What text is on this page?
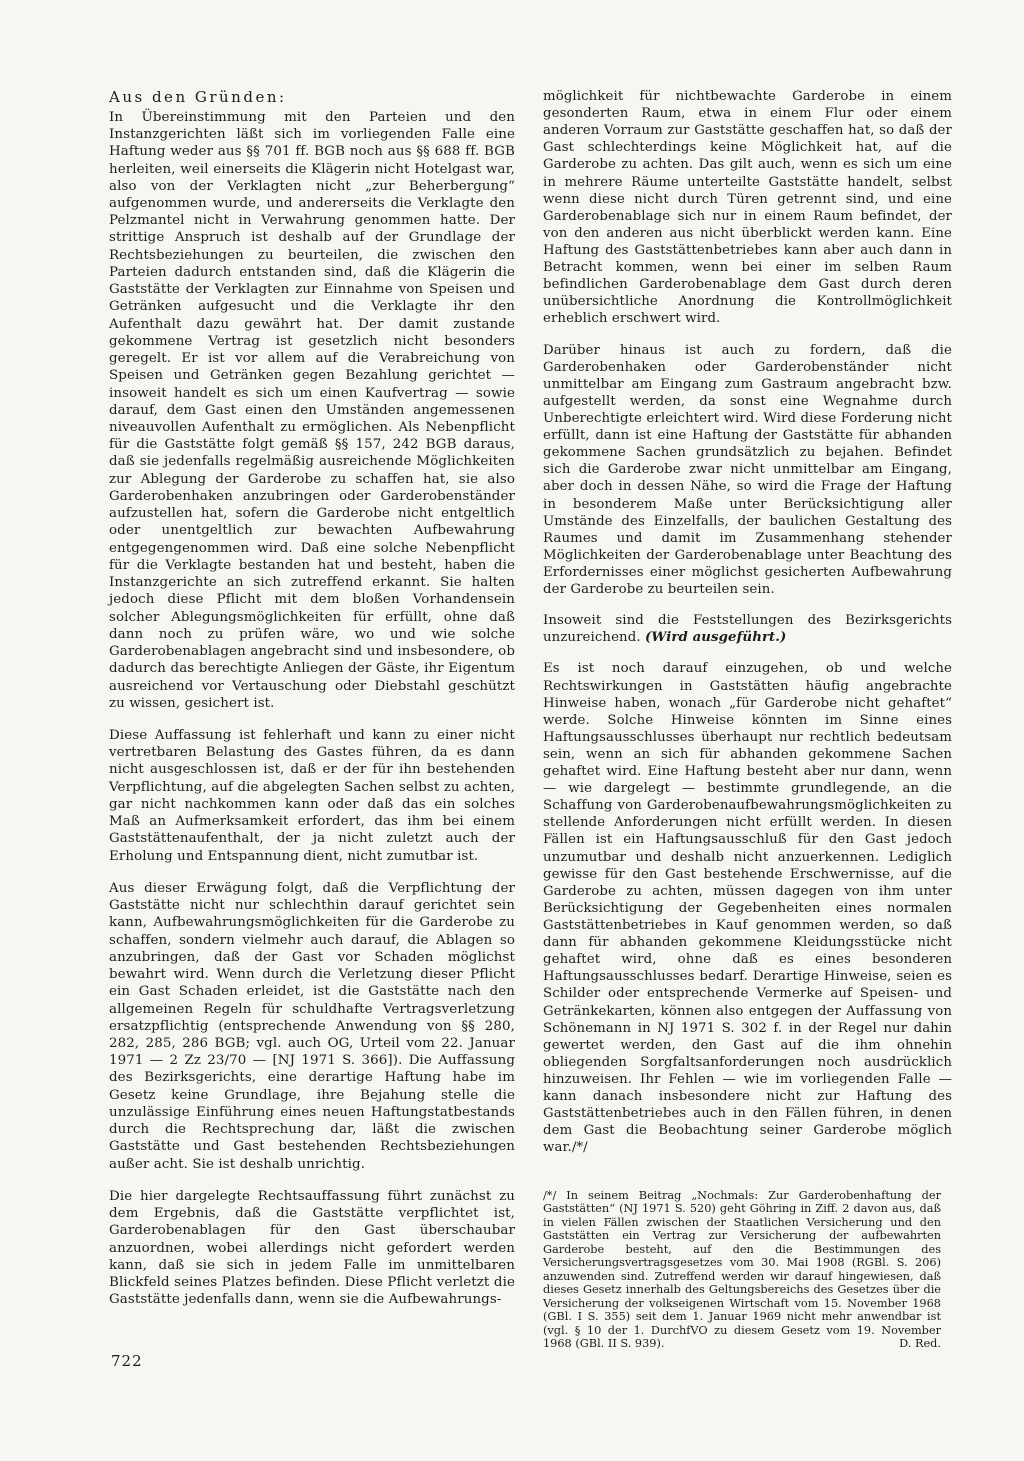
Aus den Gründen:

In Übereinstimmung mit den Parteien und den Instanzgerichten läßt sich im vorliegenden Falle eine Haftung weder aus §§ 701 ff. BGB noch aus §§ 688 ff. BGB herleiten, weil einerseits die Klägerin nicht Hotelgast war, also von der Verklagten nicht „zur Beherbergung“ aufgenommen wurde, und andererseits die Verklagte den Pelzmantel nicht in Verwahrung genommen hatte. Der strittige Anspruch ist deshalb auf der Grundlage der Rechtsbeziehungen zu beurteilen, die zwischen den Parteien dadurch entstanden sind, daß die Klägerin die Gaststätte der Verklagten zur Einnahme von Speisen und Getränken aufgesucht und die Verklagte ihr den Aufenthalt dazu gewährt hat. Der damit zustande gekommene Vertrag ist gesetzlich nicht besonders geregelt. Er ist vor allem auf die Verabreichung von Speisen und Getränken gegen Bezahlung gerichtet — insoweit handelt es sich um einen Kaufvertrag — sowie darauf, dem Gast einen den Umständen angemessenen niveauvollen Aufenthalt zu ermöglichen. Als Nebenpflicht für die Gaststätte folgt gemäß §§ 157, 242 BGB daraus, daß sie jedenfalls regelmäßig ausreichende Möglichkeiten zur Ablegung der Garderobe zu schaffen hat, sie also Garderobenhaken anzubringen oder Garderobenständer aufzustellen hat, sofern die Garderobe nicht entgeltlich oder unentgeltlich zur bewachten Aufbewahrung entgegengenommen wird. Daß eine solche Nebenpflicht für die Verklagte bestanden hat und besteht, haben die Instanzgerichte an sich zutreffend erkannt. Sie halten jedoch diese Pflicht mit dem bloßen Vorhandensein solcher Ablegungsmöglichkeiten für erfüllt, ohne daß dann noch zu prüfen wäre, wo und wie solche Garderobenablagen angebracht sind und insbesondere, ob dadurch das berechtigte Anliegen der Gäste, ihr Eigentum ausreichend vor Vertauschung oder Diebstahl geschützt zu wissen, gesichert ist.

Diese Auffassung ist fehlerhaft und kann zu einer nicht vertretbaren Belastung des Gastes führen, da es dann nicht ausgeschlossen ist, daß er der für ihn bestehenden Verpflichtung, auf die abgelegten Sachen selbst zu achten, gar nicht nachkommen kann oder daß das ein solches Maß an Aufmerksamkeit erfordert, das ihm bei einem Gaststättenaufenthalt, der ja nicht zuletzt auch der Erholung und Entspannung dient, nicht zumutbar ist.

Aus dieser Erwägung folgt, daß die Verpflichtung der Gaststätte nicht nur schlechthin darauf gerichtet sein kann, Aufbewahrungsmöglichkeiten für die Garderobe zu schaffen, sondern vielmehr auch darauf, die Ablagen so anzubringen, daß der Gast vor Schaden möglichst bewahrt wird. Wenn durch die Verletzung dieser Pflicht ein Gast Schaden erleidet, ist die Gaststätte nach den allgemeinen Regeln für schuldhafte Vertragsverletzung ersatzpflichtig (entsprechende Anwendung von §§ 280, 282, 285, 286 BGB; vgl. auch OG, Urteil vom 22. Januar 1971 — 2 Zz 23/70 — [NJ 1971 S. 366]). Die Auffassung des Bezirksgerichts, eine derartige Haftung habe im Gesetz keine Grundlage, ihre Bejahung stelle die unzulässige Einführung eines neuen Haftungstatbestands durch die Rechtsprechung dar, läßt die zwischen Gaststätte und Gast bestehenden Rechtsbeziehungen außer acht. Sie ist deshalb unrichtig.

Die hier dargelegte Rechtsauffassung führt zunächst zu dem Ergebnis, daß die Gaststätte verpflichtet ist, Garderobenablagen für den Gast überschaubar anzuordnen, wobei allerdings nicht gefordert werden kann, daß sie sich in jedem Falle im unmittelbaren Blickfeld seines Platzes befinden. Diese Pflicht verletzt die Gaststätte jedenfalls dann, wenn sie die Aufbewahrungs-

möglichkeit für nichtbewachte Garderobe in einem gesonderten Raum, etwa in einem Flur oder einem anderen Vorraum zur Gaststätte geschaffen hat, so daß der Gast schlechterdings keine Möglichkeit hat, auf die Garderobe zu achten. Das gilt auch, wenn es sich um eine in mehrere Räume unterteilte Gaststätte handelt, selbst wenn diese nicht durch Türen getrennt sind, und eine Garderobenablage sich nur in einem Raum befindet, der von den anderen aus nicht überblickt werden kann. Eine Haftung des Gaststättenbetriebes kann aber auch dann in Betracht kommen, wenn bei einer im selben Raum befindlichen Garderobenablage dem Gast durch deren unübersichtliche Anordnung die Kontrollmöglichkeit erheblich erschwert wird.

Darüber hinaus ist auch zu fordern, daß die Garderobenhaken oder Garderobenständer nicht unmittelbar am Eingang zum Gastraum angebracht bzw. aufgestellt werden, da sonst eine Wegnahme durch Unberechtigte erleichtert wird. Wird diese Forderung nicht erfüllt, dann ist eine Haftung der Gaststätte für abhanden gekommene Sachen grundsätzlich zu bejahen. Befindet sich die Garderobe zwar nicht unmittelbar am Eingang, aber doch in dessen Nähe, so wird die Frage der Haftung in besonderem Maße unter Berücksichtigung aller Umstände des Einzelfalls, der baulichen Gestaltung des Raumes und damit im Zusammenhang stehender Möglichkeiten der Garderobenablage unter Beachtung des Erfordernisses einer möglichst gesicherten Aufbewahrung der Garderobe zu beurteilen sein.

Insoweit sind die Feststellungen des Bezirksgerichts unzureichend. (Wird ausgeführt.)

Es ist noch darauf einzugehen, ob und welche Rechtswirkungen in Gaststätten häufig angebrachte Hinweise haben, wonach „für Garderobe nicht gehaftet“ werde. Solche Hinweise könnten im Sinne eines Haftungsausschlusses überhaupt nur rechtlich bedeutsam sein, wenn an sich für abhanden gekommene Sachen gehaftet wird. Eine Haftung besteht aber nur dann, wenn — wie dargelegt — bestimmte grundlegende, an die Schaffung von Garderobenaufbewahrungsmöglichkeiten zu stellende Anforderungen nicht erfüllt werden. In diesen Fällen ist ein Haftungsausschluß für den Gast jedoch unzumutbar und deshalb nicht anzuerkennen. Lediglich gewisse für den Gast bestehende Erschwernisse, auf die Garderobe zu achten, müssen dagegen von ihm unter Berücksichtigung der Gegebenheiten eines normalen Gaststättenbetriebes in Kauf genommen werden, so daß dann für abhanden gekommene Kleidungsstücke nicht gehaftet wird, ohne daß es eines besonderen Haftungsausschlusses bedarf. Derartige Hinweise, seien es Schilder oder entsprechende Vermerke auf Speisen- und Getränkekarten, können also entgegen der Auffassung von Schönemann in NJ 1971 S. 302 f. in der Regel nur dahin gewertet werden, den Gast auf die ihm ohnehin obliegenden Sorgfaltsanforderungen noch ausdrücklich hinzuweisen. Ihr Fehlen — wie im vorliegenden Falle — kann danach insbesondere nicht zur Haftung des Gaststättenbetriebes auch in den Fällen führen, in denen dem Gast die Beobachtung seiner Garderobe möglich war./*/

/*/ In seinem Beitrag „Nochmals: Zur Garderobenhaftung der Gaststätten“ (NJ 1971 S. 520) geht Göhring in Ziff. 2 davon aus, daß in vielen Fällen zwischen der Staatlichen Versicherung und den Gaststätten ein Vertrag zur Versicherung der aufbewahrten Garderobe besteht, auf den die Bestimmungen des Versicherungsvertragsgesetzes vom 30. Mai 1908 (RGBl. S. 206) anzuwenden sind. Zutreffend werden wir darauf hingewiesen, daß dieses Gesetz innerhalb des Geltungsbereichs des Gesetzes über die Versicherung der volkseigenen Wirtschaft vom 15. November 1968 (GBl. I S. 355) seit dem 1. Januar 1969 nicht mehr anwendbar ist (vgl. § 10 der 1. DurchfVO zu diesem Gesetz vom 19. November 1968 (GBl. II S. 939).	D. Red.
722
